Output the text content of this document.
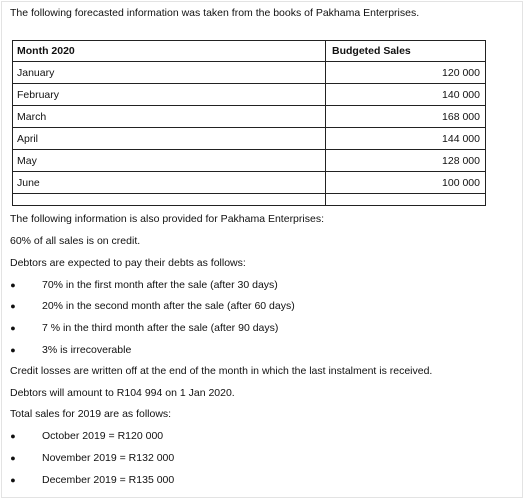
The following forecasted information was taken from the books of Pakhama Enterprises.
Month 2020	Budgeted Sales
January	120 000
February	140 000
March	168 000
April	144 000
May	128 000
June	100 000

The following information is also provided for Pakhama Enterprises:
60% of all sales is on credit.
Debtors are expected to pay their debts as follows:
●	70% in the first month after the sale (after 30 days)
●	20% in the second month after the sale (after 60 days)
●	7 % in the third month after the sale (after 90 days)
●	3% is irrecoverable
Credit losses are written off at the end of the month in which the last instalment is received.
Debtors will amount to R104 994 on 1 Jan 2020.
Total sales for 2019 are as follows:
●	October 2019 = R120 000
●	November 2019 = R132 000
●	December 2019 = R135 000
